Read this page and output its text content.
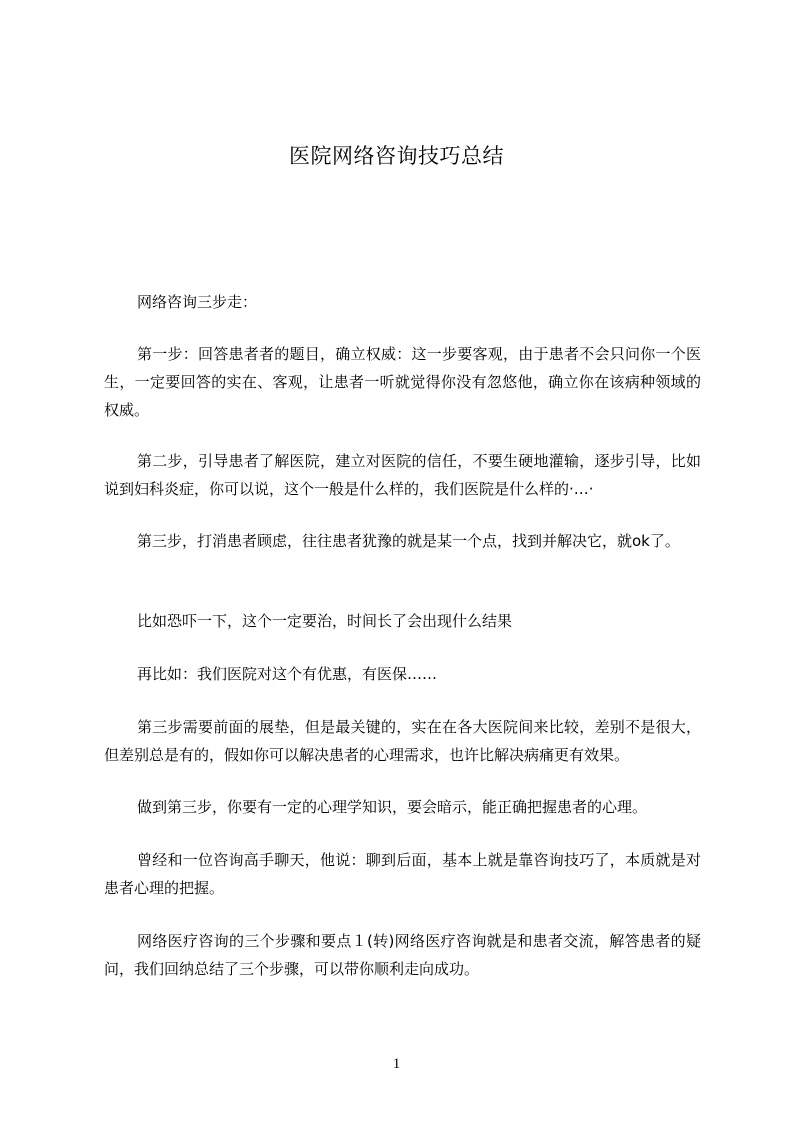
医院网络咨询技巧总结

网络咨询三步走：

第一步：回答患者者的题目，确立权威：这一步要客观，由于患者不会只问你一个医生，一定要回答的实在、客观，让患者一听就觉得你没有忽悠他，确立你在该病种领域的权威。

第二步，引导患者了解医院，建立对医院的信任，不要生硬地灌输，逐步引导，比如说到妇科炎症，你可以说，这个一般是什么样的，我们医院是什么样的·…·

第三步，打消患者顾虑，往往患者犹豫的就是某一个点，找到并解决它，就ok了。

比如恐吓一下，这个一定要治，时间长了会出现什么结果

再比如：我们医院对这个有优惠，有医保……

第三步需要前面的展垫，但是最关键的，实在在各大医院间来比较，差别不是很大，但差别总是有的，假如你可以解决患者的心理需求，也许比解决病痛更有效果。

做到第三步，你要有一定的心理学知识，要会暗示，能正确把握患者的心理。

曾经和一位咨询高手聊天，他说：聊到后面，基本上就是靠咨询技巧了，本质就是对患者心理的把握。

网络医疗咨询的三个步骤和要点１(转)网络医疗咨询就是和患者交流，解答患者的疑问，我们回纳总结了三个步骤，可以带你顺利走向成功。

1
